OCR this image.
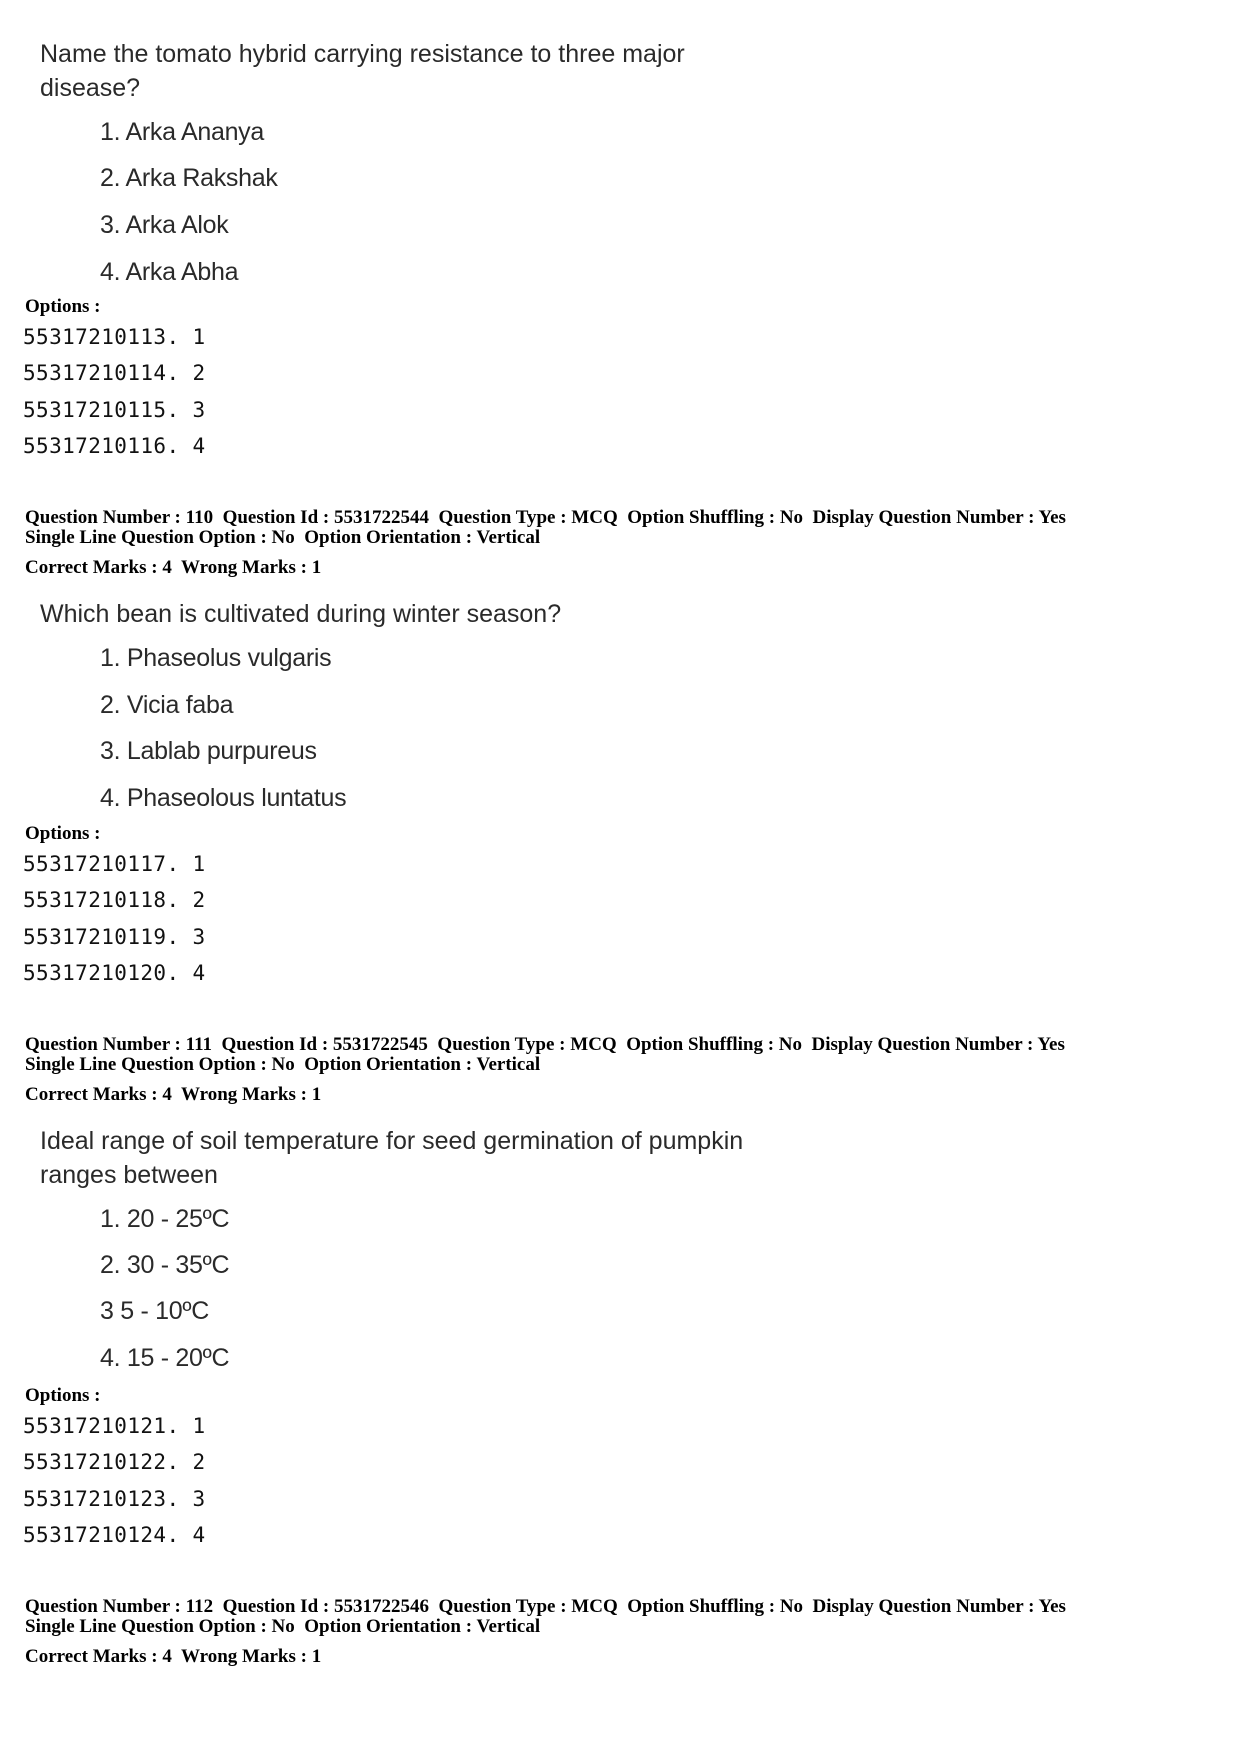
Name the tomato hybrid carrying resistance to three major
disease?
1. Arka Ananya
2. Arka Rakshak
3. Arka Alok
4. Arka Abha
Options :
55317210113. 1
55317210114. 2
55317210115. 3
55317210116. 4
Question Number : 110  Question Id : 5531722544  Question Type : MCQ  Option Shuffling : No  Display Question Number : Yes
Single Line Question Option : No  Option Orientation : Vertical
Correct Marks : 4  Wrong Marks : 1
Which bean is cultivated during winter season?
1. Phaseolus vulgaris
2. Vicia faba
3. Lablab purpureus
4. Phaseolous luntatus
Options :
55317210117. 1
55317210118. 2
55317210119. 3
55317210120. 4
Question Number : 111  Question Id : 5531722545  Question Type : MCQ  Option Shuffling : No  Display Question Number : Yes
Single Line Question Option : No  Option Orientation : Vertical
Correct Marks : 4  Wrong Marks : 1
Ideal range of soil temperature for seed germination of pumpkin
ranges between
1. 20 - 25ºC
2. 30 - 35ºC
3 5 - 10ºC
4. 15 - 20ºC
Options :
55317210121. 1
55317210122. 2
55317210123. 3
55317210124. 4
Question Number : 112  Question Id : 5531722546  Question Type : MCQ  Option Shuffling : No  Display Question Number : Yes
Single Line Question Option : No  Option Orientation : Vertical
Correct Marks : 4  Wrong Marks : 1
